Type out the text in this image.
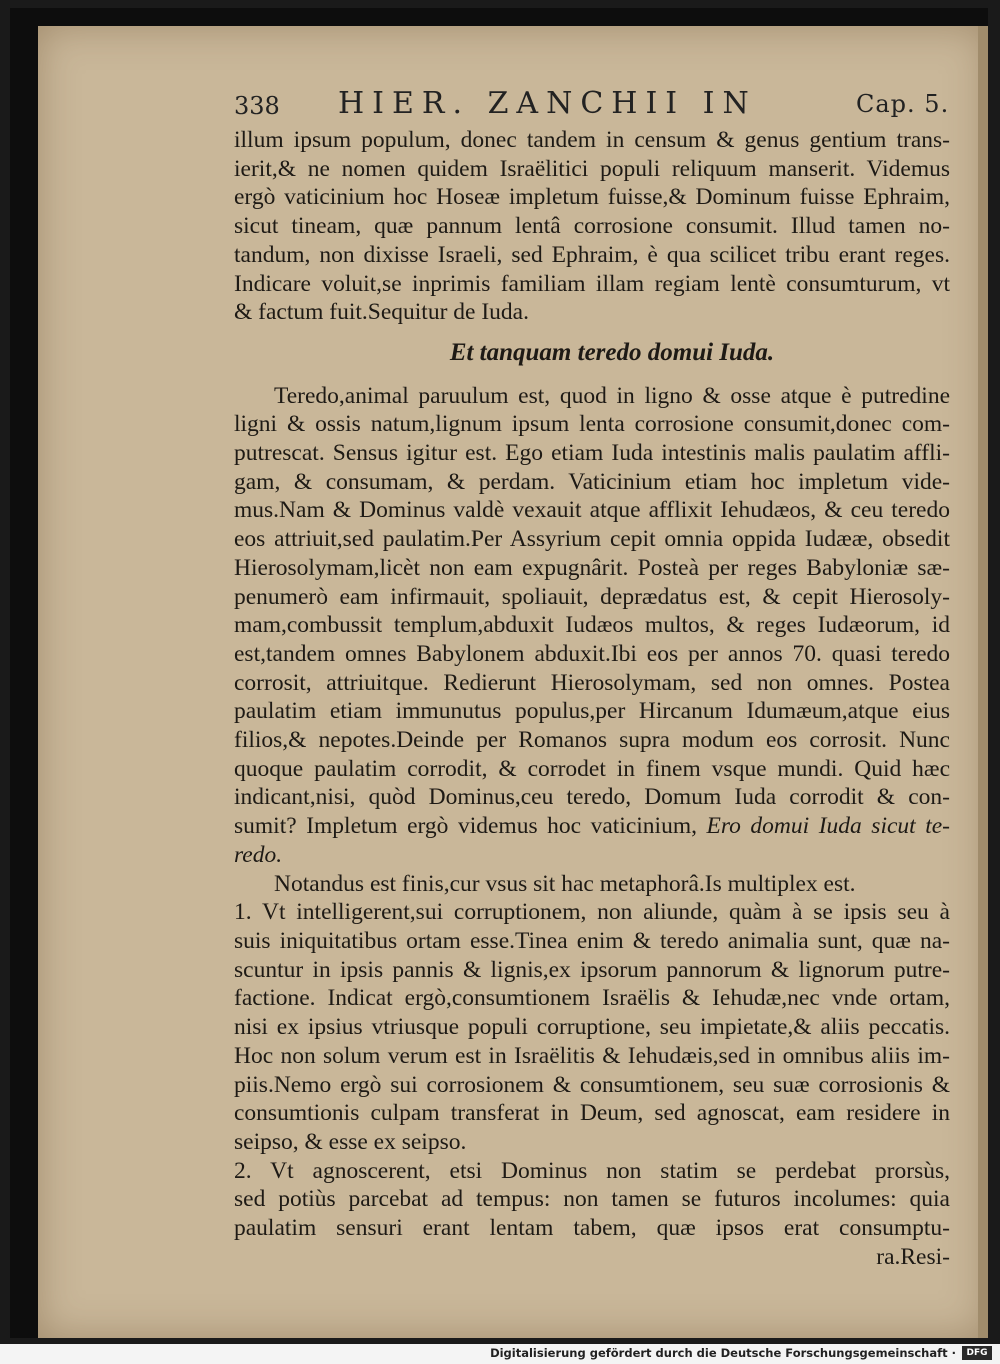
338 HIER. ZANCHII IN	Cap. 5.
illum ipsum populum, donec tandem in censum & genus gentium trans-
ierit,& ne nomen quidem Israëlitici populi reliquum manserit. Videmus
ergò vaticinium hoc Hoseæ impletum fuisse,& Dominum fuisse Ephraim,
sicut tineam, quæ pannum lentâ corrosione consumit. Illud tamen no-
tandum, non dixisse Israeli, sed Ephraim, è qua scilicet tribu erant reges.
Indicare voluit,se inprimis familiam illam regiam lentè consumturum, vt
& factum fuit.Sequitur de Iuda.
Et tanquam teredo domui Iuda.
Teredo,animal paruulum est, quod in ligno & osse atque è putredine
ligni & ossis natum,lignum ipsum lenta corrosione consumit,donec com-
putrescat. Sensus igitur est. Ego etiam Iuda intestinis malis paulatim affli-
gam, & consumam, & perdam. Vaticinium etiam hoc impletum vide-
mus.Nam & Dominus valdè vexauit atque afflixit Iehudæos, & ceu teredo
eos attriuit,sed paulatim.Per Assyrium cepit omnia oppida Iudææ, obsedit
Hierosolymam,licèt non eam expugnârit. Posteà per reges Babyloniæ sæ-
penumerò eam infirmauit, spoliauit, deprædatus est, & cepit Hierosoly-
mam,combussit templum,abduxit Iudæos multos, & reges Iudæorum, id
est,tandem omnes Babylonem abduxit.Ibi eos per annos 70. quasi teredo
corrosit, attriuitque. Redierunt Hierosolymam, sed non omnes. Postea
paulatim etiam immunutus populus,per Hircanum Idumæum,atque eius
filios,& nepotes.Deinde per Romanos supra modum eos corrosit. Nunc
quoque paulatim corrodit, & corrodet in finem vsque mundi. Quid hæc
indicant,nisi, quòd Dominus,ceu teredo, Domum Iuda corrodit & con-
sumit? Impletum ergò videmus hoc vaticinium, Ero domui Iuda sicut te-
redo.
Notandus est finis,cur vsus sit hac metaphorâ.Is multiplex est.
1. Vt intelligerent,sui corruptionem, non aliunde, quàm à se ipsis seu à
suis iniquitatibus ortam esse.Tinea enim & teredo animalia sunt, quæ na-
scuntur in ipsis pannis & lignis,ex ipsorum pannorum & lignorum putre-
factione. Indicat ergò,consumtionem Israëlis & Iehudæ,nec vnde ortam,
nisi ex ipsius vtriusque populi corruptione, seu impietate,& aliis peccatis.
Hoc non solum verum est in Israëlitis & Iehudæis,sed in omnibus aliis im-
piis.Nemo ergò sui corrosionem & consumtionem, seu suæ corrosionis &
consumtionis culpam transferat in Deum, sed agnoscat, eam residere in
seipso, & esse ex seipso.
2. Vt agnoscerent, etsi Dominus non statim se perdebat prorsùs,
sed potiùs parcebat ad tempus: non tamen se futuros incolumes: quia
paulatim sensuri erant lentam tabem, quæ ipsos erat consumptu-
ra.Resi-
Digitalisierung gefördert durch die Deutsche Forschungsgemeinschaft ·	DFG
